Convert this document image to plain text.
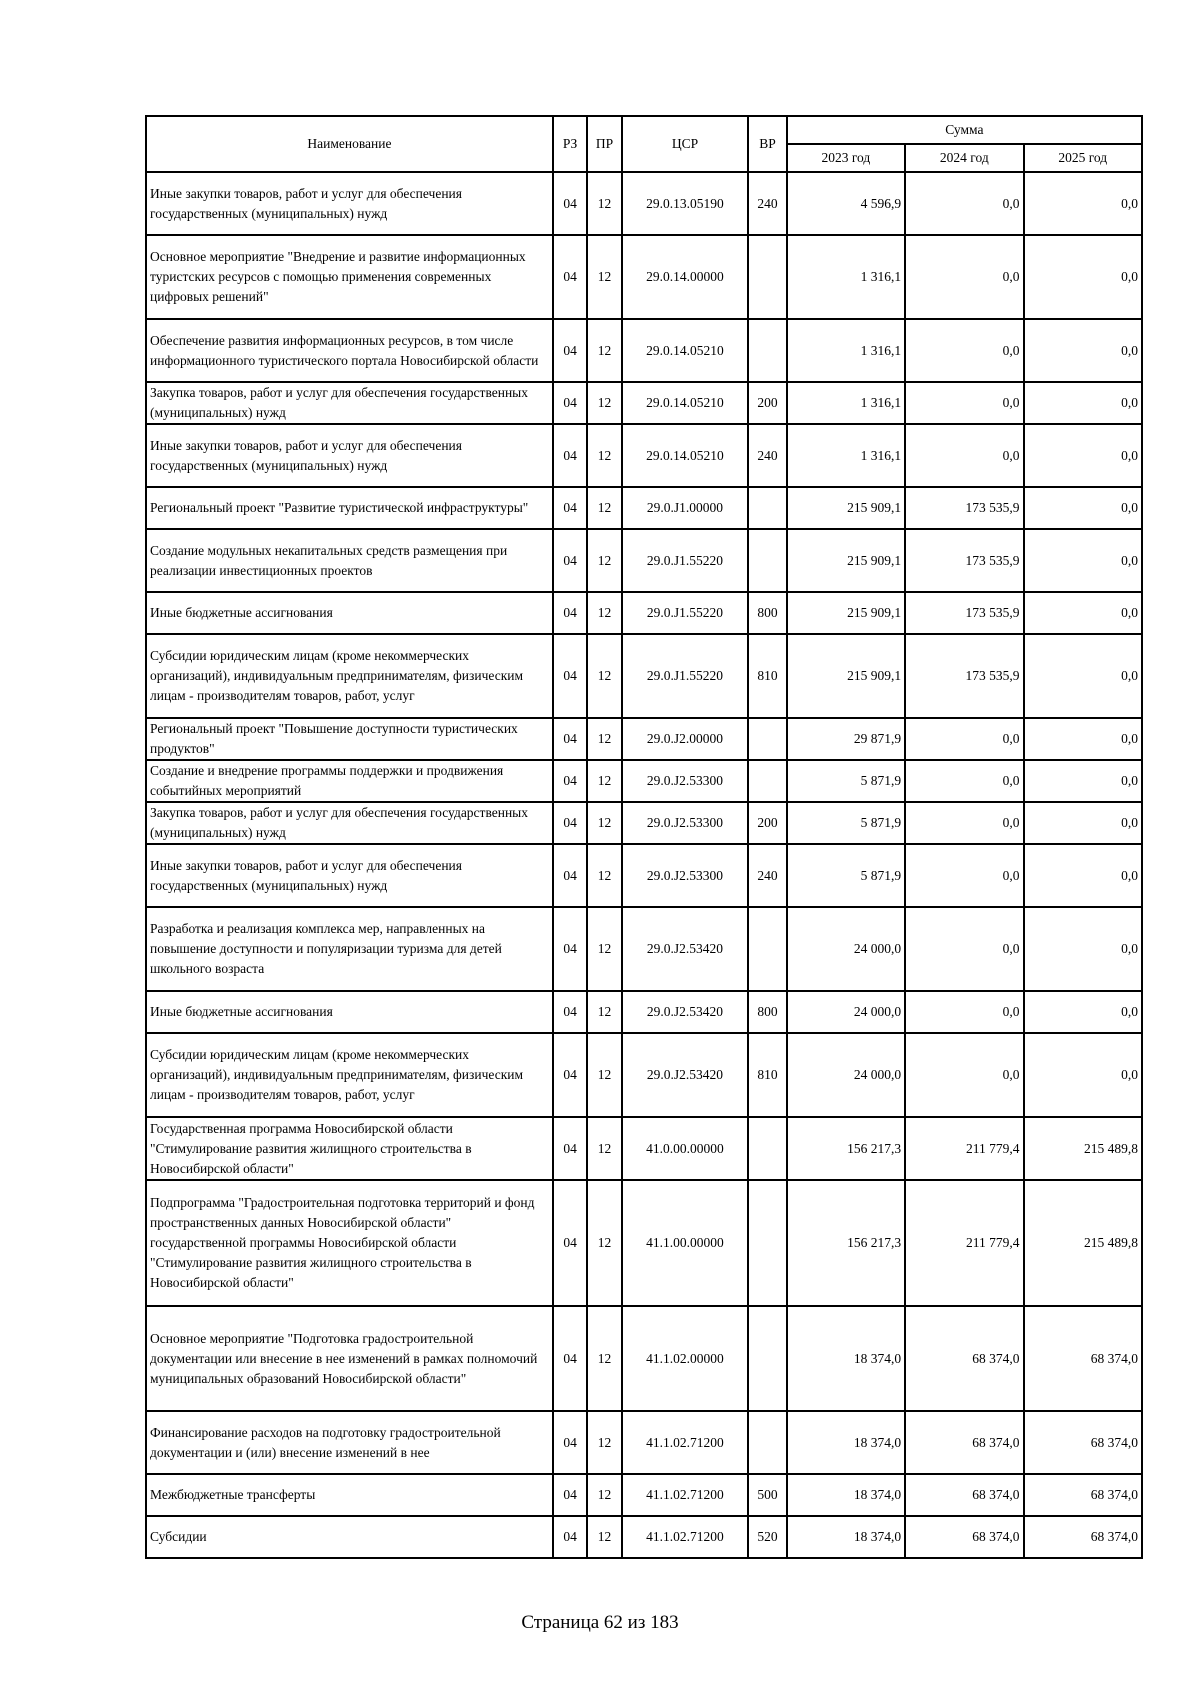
Наименование	РЗ	ПР	ЦСР	ВР	Сумма		
					2023 год	2024 год	2025 год
Иные закупки товаров, работ и услуг для обеспечения государственных (муниципальных) нужд	04	12	29.0.13.05190	240	4 596,9	0,0	0,0
Основное мероприятие "Внедрение и развитие информационных туристских ресурсов с помощью применения современных цифровых решений"	04	12	29.0.14.00000		1 316,1	0,0	0,0
Обеспечение развития информационных ресурсов, в том числе информационного туристического портала Новосибирской области	04	12	29.0.14.05210		1 316,1	0,0	0,0
Закупка товаров, работ и услуг для обеспечения государственных (муниципальных) нужд	04	12	29.0.14.05210	200	1 316,1	0,0	0,0
Иные закупки товаров, работ и услуг для обеспечения государственных (муниципальных) нужд	04	12	29.0.14.05210	240	1 316,1	0,0	0,0
Региональный проект "Развитие туристической инфраструктуры"	04	12	29.0.J1.00000		215 909,1	173 535,9	0,0
Создание модульных некапитальных средств размещения при реализации инвестиционных проектов	04	12	29.0.J1.55220		215 909,1	173 535,9	0,0
Иные бюджетные ассигнования	04	12	29.0.J1.55220	800	215 909,1	173 535,9	0,0
Субсидии юридическим лицам (кроме некоммерческих организаций), индивидуальным предпринимателям, физическим лицам - производителям товаров, работ, услуг	04	12	29.0.J1.55220	810	215 909,1	173 535,9	0,0
Региональный проект "Повышение доступности туристических продуктов"	04	12	29.0.J2.00000		29 871,9	0,0	0,0
Создание и внедрение программы поддержки и продвижения событийных мероприятий	04	12	29.0.J2.53300		5 871,9	0,0	0,0
Закупка товаров, работ и услуг для обеспечения государственных (муниципальных) нужд	04	12	29.0.J2.53300	200	5 871,9	0,0	0,0
Иные закупки товаров, работ и услуг для обеспечения государственных (муниципальных) нужд	04	12	29.0.J2.53300	240	5 871,9	0,0	0,0
Разработка и реализация комплекса мер, направленных на повышение доступности и популяризации туризма для детей школьного возраста	04	12	29.0.J2.53420		24 000,0	0,0	0,0
Иные бюджетные ассигнования	04	12	29.0.J2.53420	800	24 000,0	0,0	0,0
Субсидии юридическим лицам (кроме некоммерческих организаций), индивидуальным предпринимателям, физическим лицам - производителям товаров, работ, услуг	04	12	29.0.J2.53420	810	24 000,0	0,0	0,0
Государственная программа Новосибирской области "Стимулирование развития жилищного строительства в Новосибирской области"	04	12	41.0.00.00000		156 217,3	211 779,4	215 489,8
Подпрограмма "Градостроительная подготовка территорий и фонд пространственных данных Новосибирской области" государственной программы Новосибирской области "Стимулирование развития жилищного строительства в Новосибирской области"	04	12	41.1.00.00000		156 217,3	211 779,4	215 489,8
Основное мероприятие "Подготовка градостроительной документации или внесение в нее изменений в рамках полномочий муниципальных образований Новосибирской области"	04	12	41.1.02.00000		18 374,0	68 374,0	68 374,0
Финансирование расходов на подготовку градостроительной документации и (или) внесение изменений в нее	04	12	41.1.02.71200		18 374,0	68 374,0	68 374,0
Межбюджетные трансферты	04	12	41.1.02.71200	500	18 374,0	68 374,0	68 374,0
Субсидии	04	12	41.1.02.71200	520	18 374,0	68 374,0	68 374,0
Страница 62 из 183
